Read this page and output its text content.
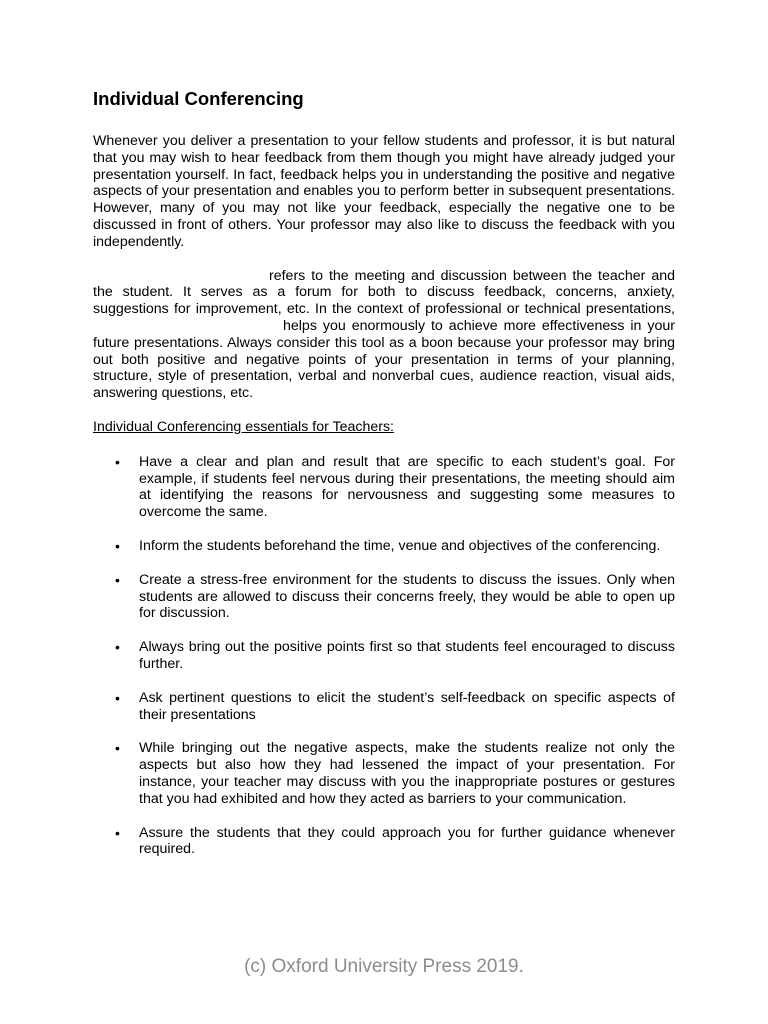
Individual Conferencing

Whenever you deliver a presentation to your fellow students and professor, it is but natural that you may wish to hear feedback from them though you might have already judged your presentation yourself. In fact, feedback helps you in understanding the positive and negative aspects of your presentation and enables you to perform better in subsequent presentations. However, many of you may not like your feedback, especially the negative one to be discussed in front of others. Your professor may also like to discuss the feedback with you independently.

refers to the meeting and discussion between the teacher and the student. It serves as a forum for both to discuss feedback, concerns, anxiety, suggestions for improvement, etc. In the context of professional or technical presentations,helps you enormously to achieve more effectiveness in your future presentations. Always consider this tool as a boon because your professor may bring out both positive and negative points of your presentation in terms of your planning, structure, style of presentation, verbal and nonverbal cues, audience reaction, visual aids, answering questions, etc.

Individual Conferencing essentials for Teachers:
• Have a clear and plan and result that are specific to each student’s goal. For example, if students feel nervous during their presentations, the meeting should aim at identifying the reasons for nervousness and suggesting some measures to overcome the same.
• Inform the students beforehand the time, venue and objectives of the conferencing.
• Create a stress-free environment for the students to discuss the issues. Only when students are allowed to discuss their concerns freely, they would be able to open up for discussion.
• Always bring out the positive points first so that students feel encouraged to discuss further.
• Ask pertinent questions to elicit the student’s self-feedback on specific aspects of their presentations
• While bringing out the negative aspects, make the students realize not only the aspects but also how they had lessened the impact of your presentation. For instance, your teacher may discuss with you the inappropriate postures or gestures that you had exhibited and how they acted as barriers to your communication.
• Assure the students that they could approach you for further guidance whenever required.
(c) Oxford University Press 2019.
